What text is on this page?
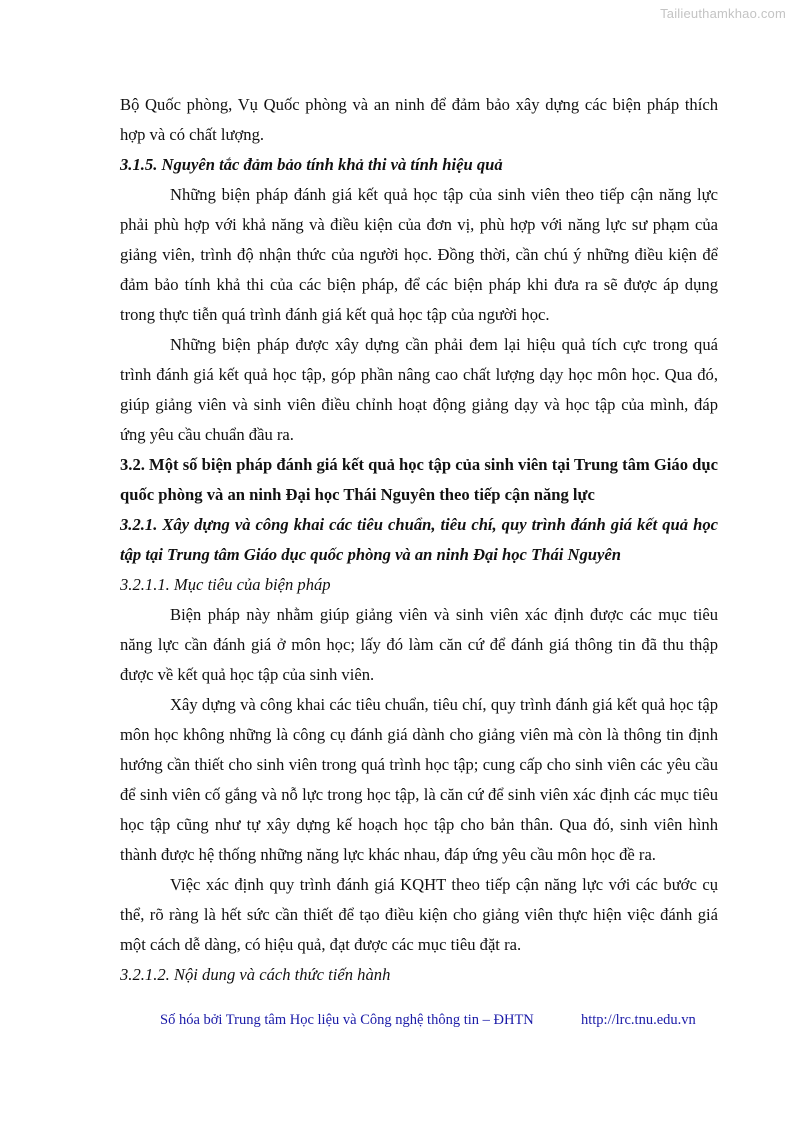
Tailieuthamkhao.com

Bộ Quốc phòng, Vụ Quốc phòng và an ninh để đảm bảo xây dựng các biện pháp thích hợp và có chất lượng.

3.1.5. Nguyên tắc đảm bảo tính khả thi và tính hiệu quả

Những biện pháp đánh giá kết quả học tập của sinh viên theo tiếp cận năng lực phải phù hợp với khả năng và điều kiện của đơn vị, phù hợp với năng lực sư phạm của giảng viên, trình độ nhận thức của người học. Đồng thời, cần chú ý những điều kiện để đảm bảo tính khả thi của các biện pháp, để các biện pháp khi đưa ra sẽ được áp dụng trong thực tiễn quá trình đánh giá kết quả học tập của người học.

Những biện pháp được xây dựng cần phải đem lại hiệu quả tích cực trong quá trình đánh giá kết quả học tập, góp phần nâng cao chất lượng dạy học môn học. Qua đó, giúp giảng viên và sinh viên điều chỉnh hoạt động giảng dạy và học tập của mình, đáp ứng yêu cầu chuẩn đầu ra.

3.2. Một số biện pháp đánh giá kết quả học tập của sinh viên tại Trung tâm Giáo dục quốc phòng và an ninh Đại học Thái Nguyên theo tiếp cận năng lực

3.2.1. Xây dựng và công khai các tiêu chuẩn, tiêu chí, quy trình đánh giá kết quả học tập tại Trung tâm Giáo dục quốc phòng và an ninh Đại học Thái Nguyên

3.2.1.1. Mục tiêu của biện pháp

Biện pháp này nhằm giúp giảng viên và sinh viên xác định được các mục tiêu năng lực cần đánh giá ở môn học; lấy đó làm căn cứ để đánh giá thông tin đã thu thập được về kết quả học tập của sinh viên.

Xây dựng và công khai các tiêu chuẩn, tiêu chí, quy trình đánh giá kết quả học tập môn học không những là công cụ đánh giá dành cho giảng viên mà còn là thông tin định hướng cần thiết cho sinh viên trong quá trình học tập; cung cấp cho sinh viên các yêu cầu để sinh viên cố gắng và nỗ lực trong học tập, là căn cứ để sinh viên xác định các mục tiêu học tập cũng như tự xây dựng kế hoạch học tập cho bản thân. Qua đó, sinh viên hình thành được hệ thống những năng lực khác nhau, đáp ứng yêu cầu môn học đề ra.

Việc xác định quy trình đánh giá KQHT theo tiếp cận năng lực với các bước cụ thể, rõ ràng là hết sức cần thiết để tạo điều kiện cho giảng viên thực hiện việc đánh giá một cách dễ dàng, có hiệu quả, đạt được các mục tiêu đặt ra.

3.2.1.2. Nội dung và cách thức tiến hành

Số hóa bởi Trung tâm Học liệu và Công nghệ thông tin – ĐHTN	http://lrc.tnu.edu.vn
